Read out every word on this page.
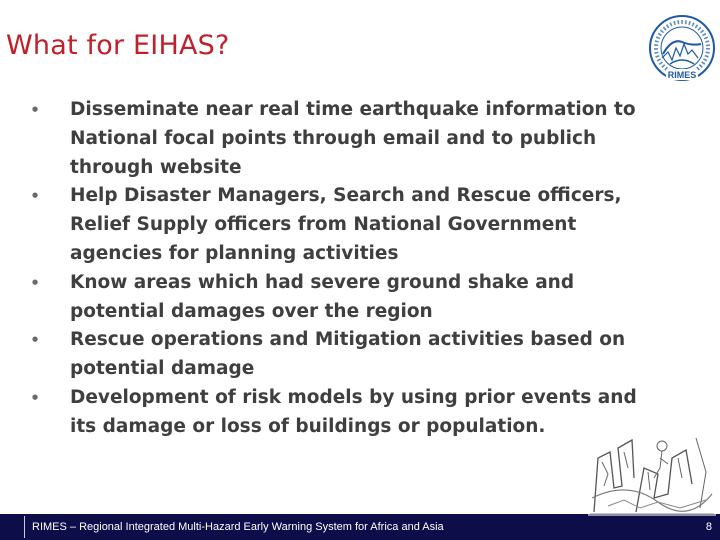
What for EIHAS?
RIMES
• Disseminate near real time earthquake information to
National focal points through email and to publich
through website
• Help Disaster Managers, Search and Rescue officers,
Relief Supply officers from National Government
agencies for planning activities
• Know areas which had severe ground shake and
potential damages over the region
• Rescue operations and Mitigation activities based on
potential damage
• Development of risk models by using prior events and
its damage or loss of buildings or population.
RIMES – Regional Integrated Multi-Hazard Early Warning System for Africa and Asia	8
